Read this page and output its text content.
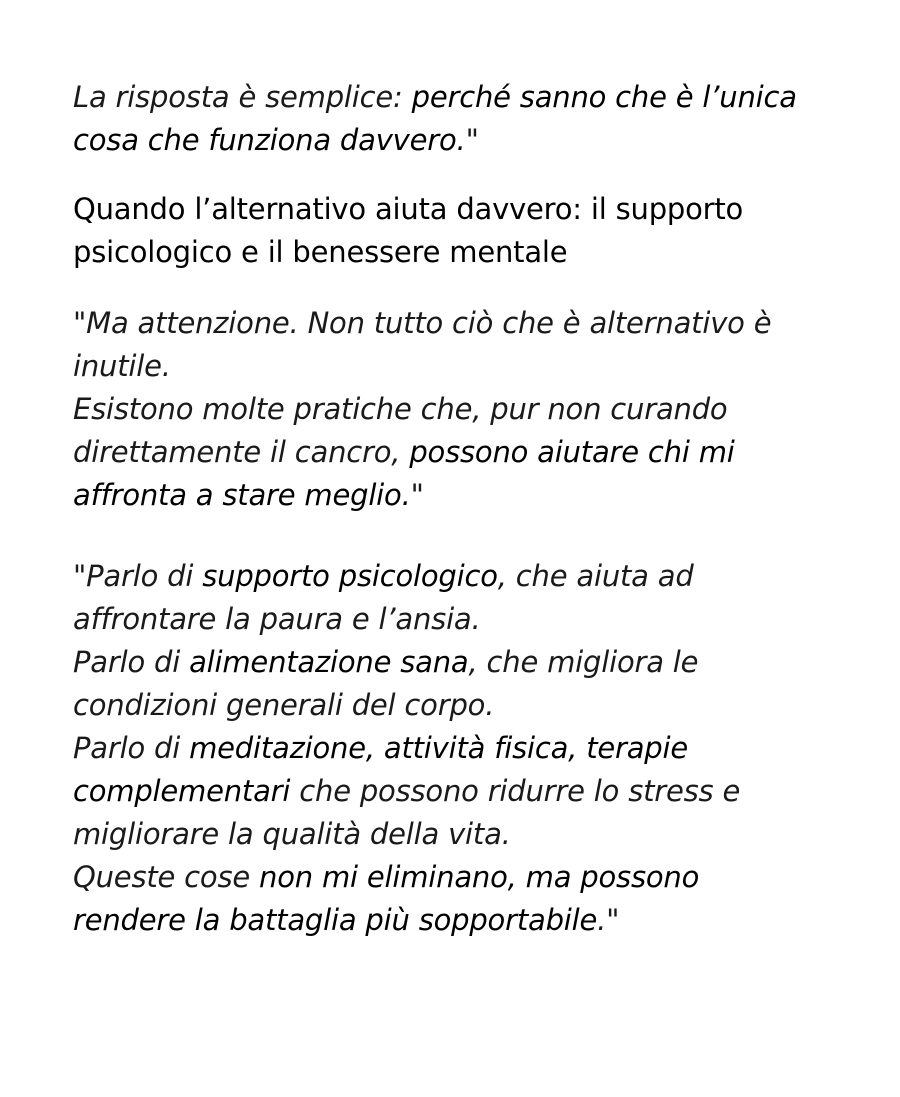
La risposta è semplice: perché sanno che è l’unica
cosa che funziona davvero."

Quando l’alternativo aiuta davvero: il supporto
psicologico e il benessere mentale

"Ma attenzione. Non tutto ciò che è alternativo è
inutile.
Esistono molte pratiche che, pur non curando
direttamente il cancro, possono aiutare chi mi
affronta a stare meglio."

"Parlo di supporto psicologico, che aiuta ad
affrontare la paura e l’ansia.
Parlo di alimentazione sana, che migliora le
condizioni generali del corpo.
Parlo di meditazione, attività fisica, terapie
complementari che possono ridurre lo stress e
migliorare la qualità della vita.
Queste cose non mi eliminano, ma possono
rendere la battaglia più sopportabile."
